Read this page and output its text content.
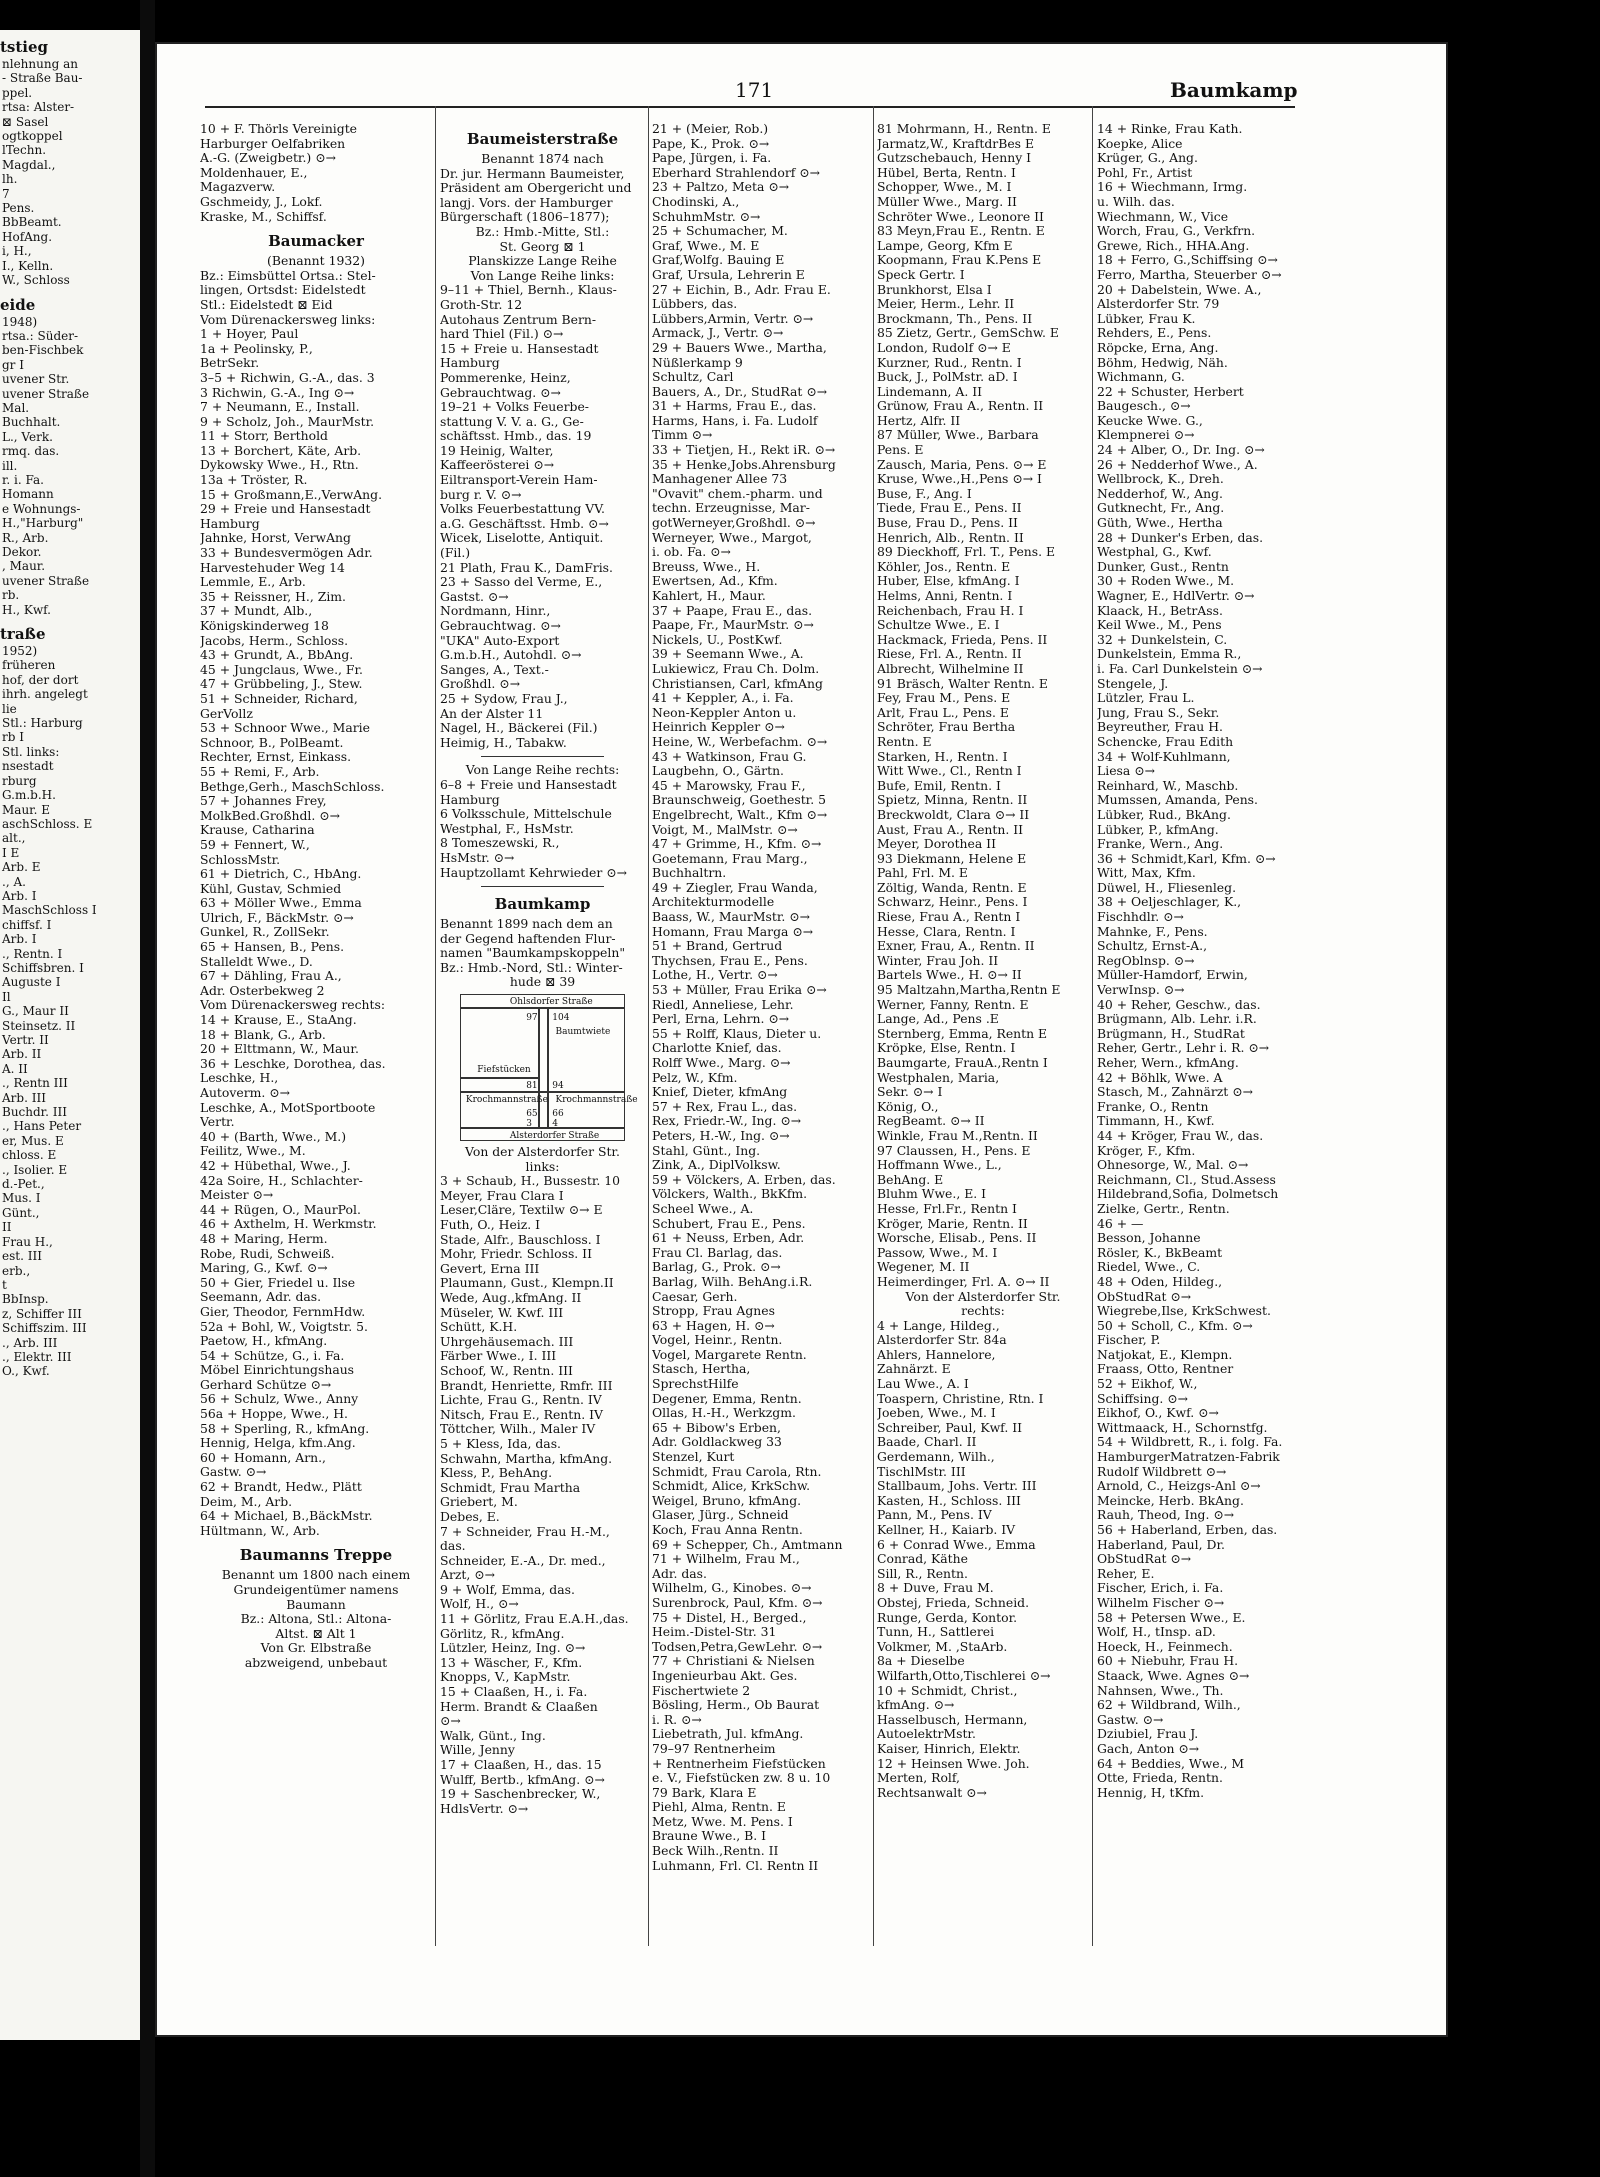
tstieg
nlehnung an
- Straße Bau-
ppel.
rtsa: Alster-
⊠ Sasel
ogtkoppel
lTechn.
Magdal.,
lh.
7
Pens.
BbBeamt.
HofAng.
i, H.,
I., Kelln.
W., Schloss
eide
1948)
rtsa.: Süder-
ben-Fischbek
gr I
uvener Str.
uvener Straße
Mal.
Buchhalt.
L., Verk.
rmq. das.
ill.
r. i. Fa.
Homann
e Wohnungs-
H.,"Harburg"
R., Arb.
Dekor.
, Maur.
uvener Straße
rb.
H., Kwf.
traße
1952)
früheren
hof, der dort
ihrh. angelegt
lie
Stl.: Harburg
rb I
Stl. links:
nsestadt
rburg
G.m.b.H.
Maur. E
aschSchloss. E
alt.,
I E
Arb. E
., A.
Arb. I
MaschSchloss I
chiffsf. I
Arb. I
., Rentn. I
Schiffsbren. I
Auguste I
Il
G., Maur II
Steinsetz. II
Vertr. II
Arb. II
A. II
., Rentn III
Arb. III
Buchdr. III
., Hans Peter
er, Mus. E
chloss. E
., Isolier. E
d.-Pet.,
Mus. I
Günt.,
II
Frau H.,
est. III
erb.,
t
BbInsp.
z, Schiffer III
Schiffszim. III
., Arb. III
., Elektr. III
O., Kwf.
171	Baumkamp
10 + F. Thörls Vereinigte
Harburger Oelfabriken
A.-G. (Zweigbetr.) ⊙→
Moldenhauer, E.,
Magazverw.
Gschmeidy, J., Lokf.
Kraske, M., Schiffsf.
Baumacker
(Benannt 1932)
Bz.: Eimsbüttel Ortsa.: Stel-
lingen, Ortsdst: Eidelstedt
Stl.: Eidelstedt ⊠ Eid
Vom Dürenackersweg links:
1 + Hoyer, Paul
1a + Peolinsky, P.,
BetrSekr.
3–5 + Richwin, G.-A., das. 3
3 Richwin, G.-A., Ing ⊙→
7 + Neumann, E., Install.
9 + Scholz, Joh., MaurMstr.
11 + Storr, Berthold
13 + Borchert, Käte, Arb.
Dykowsky Wwe., H., Rtn.
13a + Tröster, R.
15 + Großmann,E.,VerwAng.
29 + Freie und Hansestadt
Hamburg
Jahnke, Horst, VerwAng
33 + Bundesvermögen Adr.
Harvestehuder Weg 14
Lemmle, E., Arb.
35 + Reissner, H., Zim.
37 + Mundt, Alb.,
Königskinderweg 18
Jacobs, Herm., Schloss.
43 + Grundt, A., BbAng.
45 + Jungclaus, Wwe., Fr.
47 + Grübbeling, J., Stew.
51 + Schneider, Richard,
GerVollz
53 + Schnoor Wwe., Marie
Schnoor, B., PolBeamt.
Rechter, Ernst, Einkass.
55 + Remi, F., Arb.
Bethge,Gerh., MaschSchloss.
57 + Johannes Frey,
MolkBed.Großhdl. ⊙→
Krause, Catharina
59 + Fennert, W.,
SchlossMstr.
61 + Dietrich, C., HbAng.
Kühl, Gustav, Schmied
63 + Möller Wwe., Emma
Ulrich, F., BäckMstr. ⊙→
Gunkel, R., ZollSekr.
65 + Hansen, B., Pens.
Stalleldt Wwe., D.
67 + Dähling, Frau A.,
Adr. Osterbekweg 2
Vom Dürenackersweg rechts:
14 + Krause, E., StaAng.
18 + Blank, G., Arb.
20 + Elttmann, W., Maur.
36 + Leschke, Dorothea, das.
Leschke, H.,
Autoverm. ⊙→
Leschke, A., MotSportboote
Vertr.
40 + (Barth, Wwe., M.)
Feilitz, Wwe., M.
42 + Hübethal, Wwe., J.
42a Soire, H., Schlachter-
Meister ⊙→
44 + Rügen, O., MaurPol.
46 + Axthelm, H. Werkmstr.
48 + Maring, Herm.
Robe, Rudi, Schweiß.
Maring, G., Kwf. ⊙→
50 + Gier, Friedel u. Ilse
Seemann, Adr. das.
Gier, Theodor, FernmHdw.
52a + Bohl, W., Voigtstr. 5.
Paetow, H., kfmAng.
54 + Schütze, G., i. Fa.
Möbel Einrichtungshaus
Gerhard Schütze ⊙→
56 + Schulz, Wwe., Anny
56a + Hoppe, Wwe., H.
58 + Sperling, R., kfmAng.
Hennig, Helga, kfm.Ang.
60 + Homann, Arn.,
Gastw. ⊙→
62 + Brandt, Hedw., Plätt
Deim, M., Arb.
64 + Michael, B.,BäckMstr.
Hültmann, W., Arb.
Baumanns Treppe
Benannt um 1800 nach einem
Grundeigentümer namens
Baumann
Bz.: Altona, Stl.: Altona-
Altst. ⊠ Alt 1
Von Gr. Elbstraße
abzweigend, unbebaut
Baumeisterstraße
Benannt 1874 nach
Dr. jur. Hermann Baumeister,
Präsident am Obergericht und
langj. Vors. der Hamburger
Bürgerschaft (1806–1877);
Bz.: Hmb.-Mitte, Stl.:
St. Georg ⊠ 1
Planskizze Lange Reihe
Von Lange Reihe links:
9–11 + Thiel, Bernh., Klaus-
Groth-Str. 12
Autohaus Zentrum Bern-
hard Thiel (Fil.) ⊙→
15 + Freie u. Hansestadt
Hamburg
Pommerenke, Heinz,
Gebrauchtwag. ⊙→
19–21 + Volks Feuerbe-
stattung V. V. a. G., Ge-
schäftsst. Hmb., das. 19
19 Heinig, Walter,
Kaffeerösterei ⊙→
Eiltransport-Verein Ham-
burg r. V. ⊙→
Volks Feuerbestattung VV.
a.G. Geschäftsst. Hmb. ⊙→
Wicek, Liselotte, Antiquit.
(Fil.)
21 Plath, Frau K., DamFris.
23 + Sasso del Verme, E.,
Gastst. ⊙→
Nordmann, Hinr.,
Gebrauchtwag. ⊙→
"UKA" Auto-Export
G.m.b.H., Autohdl. ⊙→
Sanges, A., Text.-
Großhdl. ⊙→
25 + Sydow, Frau J.,
An der Alster 11
Nagel, H., Bäckerei (Fil.)
Heimig, H., Tabakw.
Von Lange Reihe rechts:
6–8 + Freie und Hansestadt
Hamburg
6 Volksschule, Mittelschule
Westphal, F., HsMstr.
8 Tomeszewski, R.,
HsMstr. ⊙→
Hauptzollamt Kehrwieder ⊙→
Baumkamp
Benannt 1899 nach dem an
der Gegend haftenden Flur-
namen "Baumkampskoppeln"
Bz.: Hmb.-Nord, Stl.: Winter-
hude ⊠ 39
Ohlsdorfer Straße
97 104
Baumtwiete
Fiefstücken
81 94
Krochmannstraße Krochmannstraße
65 66
3 4
Alsterdorfer Straße
Von der Alsterdorfer Str.
links:
3 + Schaub, H., Bussestr. 10
Meyer, Frau Clara I
Leser,Cläre, Textilw ⊙→ E
Futh, O., Heiz. I
Stade, Alfr., Bauschloss. I
Mohr, Friedr. Schloss. II
Gevert, Erna III
Plaumann, Gust., Klempn.II
Wede, Aug.,kfmAng. II
Müseler, W. Kwf. III
Schütt, K.H.
Uhrgehäusemach. III
Färber Wwe., I. III
Schoof, W., Rentn. III
Brandt, Henriette, Rmfr. III
Lichte, Frau G., Rentn. IV
Nitsch, Frau E., Rentn. IV
Töttcher, Wilh., Maler IV
5 + Kless, Ida, das.
Schwahn, Martha, kfmAng.
Kless, P., BehAng.
Schmidt, Frau Martha
Griebert, M.
Debes, E.
7 + Schneider, Frau H.-M.,
das.
Schneider, E.-A., Dr. med.,
Arzt, ⊙→
9 + Wolf, Emma, das.
Wolf, H., ⊙→
11 + Görlitz, Frau E.A.H.,das.
Görlitz, R., kfmAng.
Lützler, Heinz, Ing. ⊙→
13 + Wäscher, F., Kfm.
Knopps, V., KapMstr.
15 + Claaßen, H., i. Fa.
Herm. Brandt & Claaßen
⊙→
Walk, Günt., Ing.
Wille, Jenny
17 + Claaßen, H., das. 15
Wulff, Bertb., kfmAng. ⊙→
19 + Saschenbrecker, W.,
HdlsVertr. ⊙→
21 + (Meier, Rob.)
Pape, K., Prok. ⊙→
Pape, Jürgen, i. Fa.
Eberhard Strahlendorf ⊙→
23 + Paltzo, Meta ⊙→
Chodinski, A.,
SchuhmMstr. ⊙→
25 + Schumacher, M.
Graf, Wwe., M. E
Graf,Wolfg. Bauing E
Graf, Ursula, Lehrerin E
27 + Eichin, B., Adr. Frau E.
Lübbers, das.
Lübbers,Armin, Vertr. ⊙→
Armack, J., Vertr. ⊙→
29 + Bauers Wwe., Martha,
Nüßlerkamp 9
Schultz, Carl
Bauers, A., Dr., StudRat ⊙→
31 + Harms, Frau E., das.
Harms, Hans, i. Fa. Ludolf
Timm ⊙→
33 + Tietjen, H., Rekt iR. ⊙→
35 + Henke,Jobs.Ahrensburg
Manhagener Allee 73
"Ovavit" chem.-pharm. und
techn. Erzeugnisse, Mar-
gotWerneyer,Großhdl. ⊙→
Werneyer, Wwe., Margot,
i. ob. Fa. ⊙→
Breuss, Wwe., H.
Ewertsen, Ad., Kfm.
Kahlert, H., Maur.
37 + Paape, Frau E., das.
Paape, Fr., MaurMstr. ⊙→
Nickels, U., PostKwf.
39 + Seemann Wwe., A.
Lukiewicz, Frau Ch. Dolm.
Christiansen, Carl, kfmAng
41 + Keppler, A., i. Fa.
Neon-Keppler Anton u.
Heinrich Keppler ⊙→
Heine, W., Werbefachm. ⊙→
43 + Watkinson, Frau G.
Laugbehn, O., Gärtn.
45 + Marowsky, Frau F.,
Braunschweig, Goethestr. 5
Engelbrecht, Walt., Kfm ⊙→
Voigt, M., MalMstr. ⊙→
47 + Grimme, H., Kfm. ⊙→
Goetemann, Frau Marg.,
Buchhaltrn.
49 + Ziegler, Frau Wanda,
Architekturmodelle
Baass, W., MaurMstr. ⊙→
Homann, Frau Marga ⊙→
51 + Brand, Gertrud
Thychsen, Frau E., Pens.
Lothe, H., Vertr. ⊙→
53 + Müller, Frau Erika ⊙→
Riedl, Anneliese, Lehr.
Perl, Erna, Lehrn. ⊙→
55 + Rolff, Klaus, Dieter u.
Charlotte Knief, das.
Rolff Wwe., Marg. ⊙→
Pelz, W., Kfm.
Knief, Dieter, kfmAng
57 + Rex, Frau L., das.
Rex, Friedr.-W., Ing. ⊙→
Peters, H.-W., Ing. ⊙→
Stahl, Günt., Ing.
Zink, A., DiplVolksw.
59 + Völckers, A. Erben, das.
Völckers, Walth., BkKfm.
Scheel Wwe., A.
Schubert, Frau E., Pens.
61 + Neuss, Erben, Adr.
Frau Cl. Barlag, das.
Barlag, G., Prok. ⊙→
Barlag, Wilh. BehAng.i.R.
Caesar, Gerh.
Stropp, Frau Agnes
63 + Hagen, H. ⊙→
Vogel, Heinr., Rentn.
Vogel, Margarete Rentn.
Stasch, Hertha,
SprechstHilfe
Degener, Emma, Rentn.
Ollas, H.-H., Werkzgm.
65 + Bibow's Erben,
Adr. Goldlackweg 33
Stenzel, Kurt
Schmidt, Frau Carola, Rtn.
Schmidt, Alice, KrkSchw.
Weigel, Bruno, kfmAng.
Glaser, Jürg., Schneid
Koch, Frau Anna Rentn.
69 + Schepper, Ch., Amtmann
71 + Wilhelm, Frau M.,
Adr. das.
Wilhelm, G., Kinobes. ⊙→
Surenbrock, Paul, Kfm. ⊙→
75 + Distel, H., Berged.,
Heim.-Distel-Str. 31
Todsen,Petra,GewLehr. ⊙→
77 + Christiani & Nielsen
Ingenieurbau Akt. Ges.
Fischertwiete 2
Bösling, Herm., Ob Baurat
i. R. ⊙→
Liebetrath, Jul. kfmAng.
79–97 Rentnerheim
+ Rentnerheim Fiefstücken
e. V., Fiefstücken zw. 8 u. 10
79 Bark, Klara E
Piehl, Alma, Rentn. E
Metz, Wwe. M. Pens. I
Braune Wwe., B. I
Beck Wilh.,Rentn. II
Luhmann, Frl. Cl. Rentn II
81 Mohrmann, H., Rentn. E
Jarmatz,W., KraftdrBes E
Gutzschebauch, Henny I
Hübel, Berta, Rentn. I
Schopper, Wwe., M. I
Müller Wwe., Marg. II
Schröter Wwe., Leonore II
83 Meyn,Frau E., Rentn. E
Lampe, Georg, Kfm E
Koopmann, Frau K.Pens E
Speck Gertr. I
Brunkhorst, Elsa I
Meier, Herm., Lehr. II
Brockmann, Th., Pens. II
85 Zietz, Gertr., GemSchw. E
London, Rudolf ⊙→ E
Kurzner, Rud., Rentn. I
Buck, J., PolMstr. aD. I
Lindemann, A. II
Grünow, Frau A., Rentn. II
Hertz, Alfr. II
87 Müller, Wwe., Barbara
Pens. E
Zausch, Maria, Pens. ⊙→ E
Kruse, Wwe.,H.,Pens ⊙→ I
Buse, F., Ang. I
Tiede, Frau E., Pens. II
Buse, Frau D., Pens. II
Henrich, Alb., Rentn. II
89 Dieckhoff, Frl. T., Pens. E
Köhler, Jos., Rentn. E
Huber, Else, kfmAng. I
Helms, Anni, Rentn. I
Reichenbach, Frau H. I
Schultze Wwe., E. I
Hackmack, Frieda, Pens. II
Riese, Frl. A., Rentn. II
Albrecht, Wilhelmine II
91 Bräsch, Walter Rentn. E
Fey, Frau M., Pens. E
Arlt, Frau L., Pens. E
Schröter, Frau Bertha
Rentn. E
Starken, H., Rentn. I
Witt Wwe., Cl., Rentn I
Bufe, Emil, Rentn. I
Spietz, Minna, Rentn. II
Breckwoldt, Clara ⊙→ II
Aust, Frau A., Rentn. II
Meyer, Dorothea II
93 Diekmann, Helene E
Pahl, Frl. M. E
Zöltig, Wanda, Rentn. E
Schwarz, Heinr., Pens. I
Riese, Frau A., Rentn I
Hesse, Clara, Rentn. I
Exner, Frau, A., Rentn. II
Winter, Frau Joh. II
Bartels Wwe., H. ⊙→ II
95 Maltzahn,Martha,Rentn E
Werner, Fanny, Rentn. E
Lange, Ad., Pens .E
Sternberg, Emma, Rentn E
Kröpke, Else, Rentn. I
Baumgarte, FrauA.,Rentn I
Westphalen, Maria,
Sekr. ⊙→ I
König, O.,
RegBeamt. ⊙→ II
Winkle, Frau M.,Rentn. II
97 Claussen, H., Pens. E
Hoffmann Wwe., L.,
BehAng. E
Bluhm Wwe., E. I
Hesse, Frl.Fr., Rentn I
Kröger, Marie, Rentn. II
Worsche, Elisab., Pens. II
Passow, Wwe., M. I
Wegener, M. II
Heimerdinger, Frl. A. ⊙→ II
Von der Alsterdorfer Str.
rechts:
4 + Lange, Hildeg.,
Alsterdorfer Str. 84a
Ahlers, Hannelore,
Zahnärzt. E
Lau Wwe., A. I
Toaspern, Christine, Rtn. I
Joeben, Wwe., M. I
Schreiber, Paul, Kwf. II
Baade, Charl. II
Gerdemann, Wilh.,
TischlMstr. III
Stallbaum, Johs. Vertr. III
Kasten, H., Schloss. III
Pann, M., Pens. IV
Kellner, H., Kaiarb. IV
6 + Conrad Wwe., Emma
Conrad, Käthe
Sill, R., Rentn.
8 + Duve, Frau M.
Obstej, Frieda, Schneid.
Runge, Gerda, Kontor.
Tunn, H., Sattlerei
Volkmer, M. ,StaArb.
8a + Dieselbe
Wilfarth,Otto,Tischlerei ⊙→
10 + Schmidt, Christ.,
kfmAng. ⊙→
Hasselbusch, Hermann,
AutoelektrMstr.
Kaiser, Hinrich, Elektr.
12 + Heinsen Wwe. Joh.
Merten, Rolf,
Rechtsanwalt ⊙→
14 + Rinke, Frau Kath.
Koepke, Alice
Krüger, G., Ang.
Pohl, Fr., Artist
16 + Wiechmann, Irmg.
u. Wilh. das.
Wiechmann, W., Vice
Worch, Frau, G., Verkfrn.
Grewe, Rich., HHA.Ang.
18 + Ferro, G.,Schiffsing ⊙→
Ferro, Martha, Steuerber ⊙→
20 + Dabelstein, Wwe. A.,
Alsterdorfer Str. 79
Lübker, Frau K.
Rehders, E., Pens.
Röpcke, Erna, Ang.
Böhm, Hedwig, Näh.
Wichmann, G.
22 + Schuster, Herbert
Baugesch., ⊙→
Keucke Wwe. G.,
Klempnerei ⊙→
24 + Alber, O., Dr. Ing. ⊙→
26 + Nedderhof Wwe., A.
Wellbrock, K., Dreh.
Nedderhof, W., Ang.
Gutknecht, Fr., Ang.
Güth, Wwe., Hertha
28 + Dunker's Erben, das.
Westphal, G., Kwf.
Dunker, Gust., Rentn
30 + Roden Wwe., M.
Wagner, E., HdlVertr. ⊙→
Klaack, H., BetrAss.
Keil Wwe., M., Pens
32 + Dunkelstein, C.
Dunkelstein, Emma R.,
i. Fa. Carl Dunkelstein ⊙→
Stengele, J.
Lützler, Frau L.
Jung, Frau S., Sekr.
Beyreuther, Frau H.
Schencke, Frau Edith
34 + Wolf-Kuhlmann,
Liesa ⊙→
Reinhard, W., Maschb.
Mumssen, Amanda, Pens.
Lübker, Rud., BkAng.
Lübker, P., kfmAng.
Franke, Wern., Ang.
36 + Schmidt,Karl, Kfm. ⊙→
Witt, Max, Kfm.
Düwel, H., Fliesenleg.
38 + Oeljeschlager, K.,
Fischhdlr. ⊙→
Mahnke, F., Pens.
Schultz, Ernst-A.,
RegOblnsp. ⊙→
Müller-Hamdorf, Erwin,
VerwInsp. ⊙→
40 + Reher, Geschw., das.
Brügmann, Alb. Lehr. i.R.
Brügmann, H., StudRat
Reher, Gertr., Lehr i. R. ⊙→
Reher, Wern., kfmAng.
42 + Böhlk, Wwe. A
Stasch, M., Zahnärzt ⊙→
Franke, O., Rentn
Timmann, H., Kwf.
44 + Kröger, Frau W., das.
Kröger, F., Kfm.
Ohnesorge, W., Mal. ⊙→
Reichmann, Cl., Stud.Assess
Hildebrand,Sofia, Dolmetsch
Zielke, Gertr., Rentn.
46 + —
Besson, Johanne
Rösler, K., BkBeamt
Riedel, Wwe., C.
48 + Oden, Hildeg.,
ObStudRat ⊙→
Wiegrebe,Ilse, KrkSchwest.
50 + Scholl, C., Kfm. ⊙→
Fischer, P.
Natjokat, E., Klempn.
Fraass, Otto, Rentner
52 + Eikhof, W.,
Schiffsing. ⊙→
Eikhof, O., Kwf. ⊙→
Wittmaack, H., Schornstfg.
54 + Wildbrett, R., i. folg. Fa.
HamburgerMatratzen-Fabrik
Rudolf Wildbrett ⊙→
Arnold, C., Heizgs-Anl ⊙→
Meincke, Herb. BkAng.
Rauh, Theod, Ing. ⊙→
56 + Haberland, Erben, das.
Haberland, Paul, Dr.
ObStudRat ⊙→
Reher, E.
Fischer, Erich, i. Fa.
Wilhelm Fischer ⊙→
58 + Petersen Wwe., E.
Wolf, H., tInsp. aD.
Hoeck, H., Feinmech.
60 + Niebuhr, Frau H.
Staack, Wwe. Agnes ⊙→
Nahnsen, Wwe., Th.
62 + Wildbrand, Wilh.,
Gastw. ⊙→
Dziubiel, Frau J.
Gach, Anton ⊙→
64 + Beddies, Wwe., M
Otte, Frieda, Rentn.
Hennig, H, tKfm.
